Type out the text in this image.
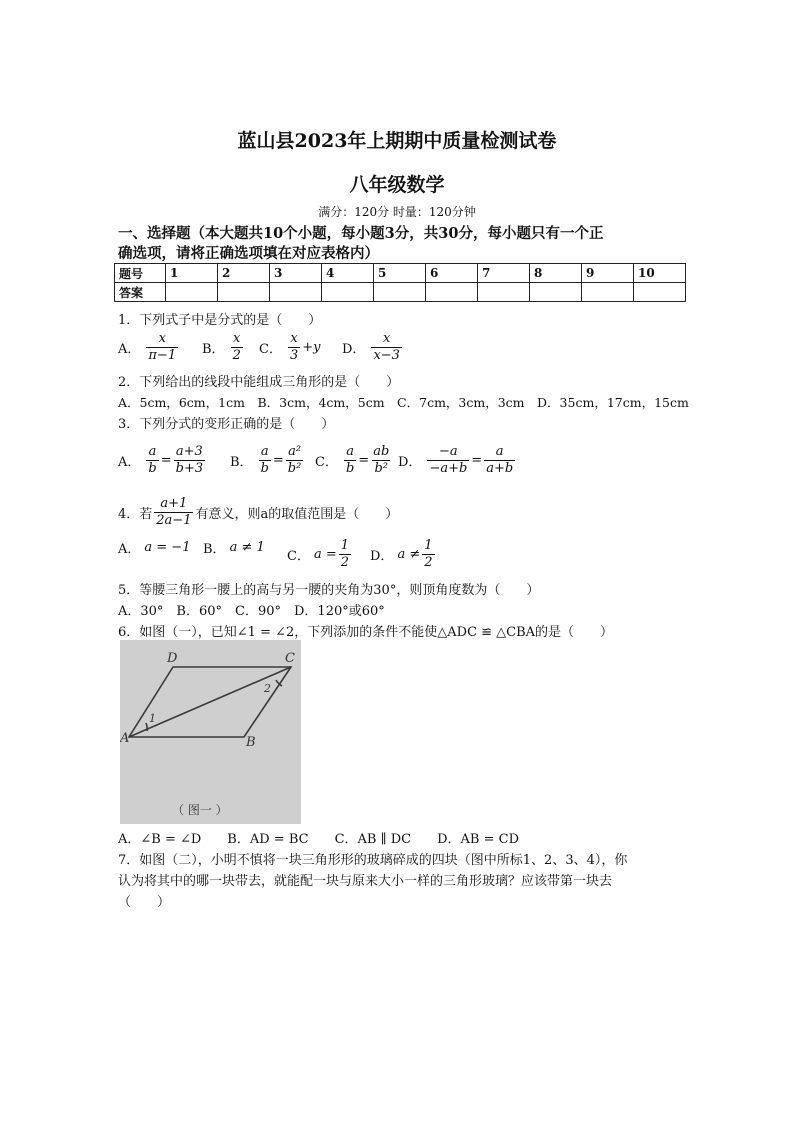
蓝山县2023年上期期中质量检测试卷
八年级数学
满分：120分 时量：120分钟
一、选择题（本大题共10个小题，每小题3分，共30分，每小题只有一个正
确选项，请将正确选项填在对应表格内）
题号	1	2	3	4	5	6	7	8	9	10
答案										
1．下列式子中是分式的是（　　）
A． $\frac{x}{\pi-1}$ B． $\frac{x}{2}$ C． $\frac{x}{3} +y$ D． $\frac{x}{x-3}$
2．下列给出的线段中能组成三角形的是（　　）
A．5cm，6cm，1cm　B．3cm，4cm，5cm　C．7cm，3cm，3cm　D．35cm，17cm，15cm
3．下列分式的变形正确的是（　　）
A． $\frac{a}{b} = \frac{a+3}{b+3}$ B． $\frac{a}{b} = \frac{\text{a²}}{\text{b²}}$ C． $\frac{a}{b} = \frac{ab}{\text{b²}}$ D． $\frac{-a}{-a+b} = \frac{a}{a+b}$
4．若 $\frac{a+1}{2a-1}$ 有意义，则a的取值范围是（　　）
A． a = −1 B． a ≠ 1
C． $a = \frac{1}{2}$ D． $a \ne \frac{1}{2}$
5．等腰三角形一腰上的高与另一腰的夹角为30°，则顶角度数为（　　）
A．30°　B．60°　C．90°　D．120°或60°
6．如图（一），已知∠1 = ∠2，下列添加的条件不能使△ADC ≌ △CBA的是（　　）
D	C
A	B
1
2
（ 图一 ）
A．∠B = ∠D　　B．AD = BC　　C．AB ∥ DC　　D．AB = CD
7．如图（二），小明不慎将一块三角形形的玻璃碎成的四块（图中所标1、2、3、4），你
认为将其中的哪一块带去，就能配一块与原来大小一样的三角形玻璃？应该带第一块去
（　　）
